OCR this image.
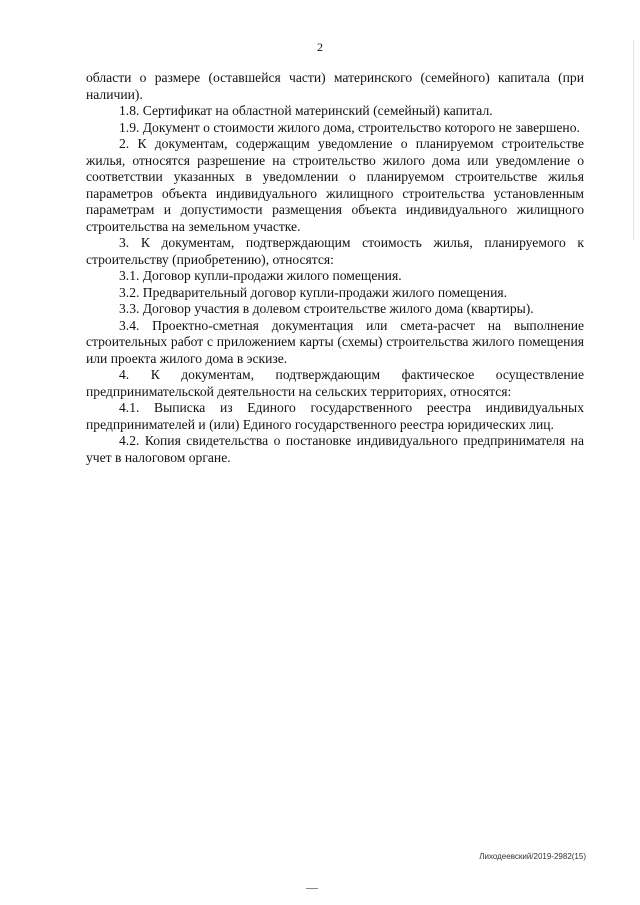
2

области о размере (оставшейся части) материнского (семейного) капитала (при наличии).

1.8. Сертификат на областной материнский (семейный) капитал.

1.9. Документ о стоимости жилого дома, строительство которого не завершено.

2. К документам, содержащим уведомление о планируемом строительстве жилья, относятся разрешение на строительство жилого дома или уведомление о соответствии указанных в уведомлении о планируемом строительстве жилья параметров объекта индивидуального жилищного строительства установленным параметрам и допустимости размещения объекта индивидуального жилищного строительства на земельном участке.

3. К документам, подтверждающим стоимость жилья, планируемого к строительству (приобретению), относятся:

3.1. Договор купли-продажи жилого помещения.

3.2. Предварительный договор купли-продажи жилого помещения.

3.3. Договор участия в долевом строительстве жилого дома (квартиры).

3.4. Проектно-сметная документация или смета-расчет на выполнение строительных работ с приложением карты (схемы) строительства жилого помещения или проекта жилого дома в эскизе.

4. К документам, подтверждающим фактическое осуществление предпринимательской деятельности на сельских территориях, относятся:

4.1. Выписка из Единого государственного реестра индивидуальных предпринимателей и (или) Единого государственного реестра юридических лиц.

4.2. Копия свидетельства о постановке индивидуального предпринимателя на учет в налоговом органе.

Лиходеевский/2019-2982(15)
